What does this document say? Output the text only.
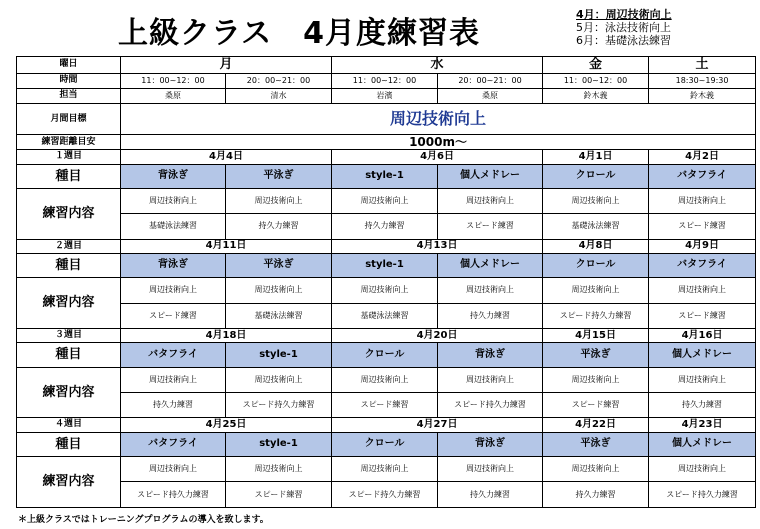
上級クラス　4月度練習表
4月：周辺技術向上
5月：泳法技術向上
6月：基礎泳法練習
曜日	月		水		金	土
時間	11：00~12：00	20：00~21：00	11：00~12：00	20：00~21：00	11：00~12：00	18:30~19:30
担当	桑原	清水	岩濱	桑原	鈴木義	鈴木義
月間目標	周辺技術向上					
練習距離目安	1000m～					
１週目	4月4日		4月6日		4月1日	4月2日
種目	背泳ぎ	平泳ぎ	style-1	個人メドレー	クロール	バタフライ
練習内容	周辺技術向上	周辺技術向上	周辺技術向上	周辺技術向上	周辺技術向上	周辺技術向上
	基礎泳法練習	持久力練習	持久力練習	スピード練習	基礎泳法練習	スピード練習
２週目	4月11日		4月13日		4月8日	4月9日
種目	背泳ぎ	平泳ぎ	style-1	個人メドレー	クロール	バタフライ
練習内容	周辺技術向上	周辺技術向上	周辺技術向上	周辺技術向上	周辺技術向上	周辺技術向上
	スピード練習	基礎泳法練習	基礎泳法練習	持久力練習	スピード持久力練習	スピード練習
３週目	4月18日		4月20日		4月15日	4月16日
種目	バタフライ	style-1	クロール	背泳ぎ	平泳ぎ	個人メドレー
練習内容	周辺技術向上	周辺技術向上	周辺技術向上	周辺技術向上	周辺技術向上	周辺技術向上
	持久力練習	スピード持久力練習	スピード練習	スピード持久力練習	スピード練習	持久力練習
４週目	4月25日		4月27日		4月22日	4月23日
種目	バタフライ	style-1	クロール	背泳ぎ	平泳ぎ	個人メドレー
練習内容	周辺技術向上	周辺技術向上	周辺技術向上	周辺技術向上	周辺技術向上	周辺技術向上
	スピード持久力練習	スピード練習	スピード持久力練習	持久力練習	持久力練習	スピード持久力練習
＊上級クラスではトレーニングプログラムの導入を致します。
